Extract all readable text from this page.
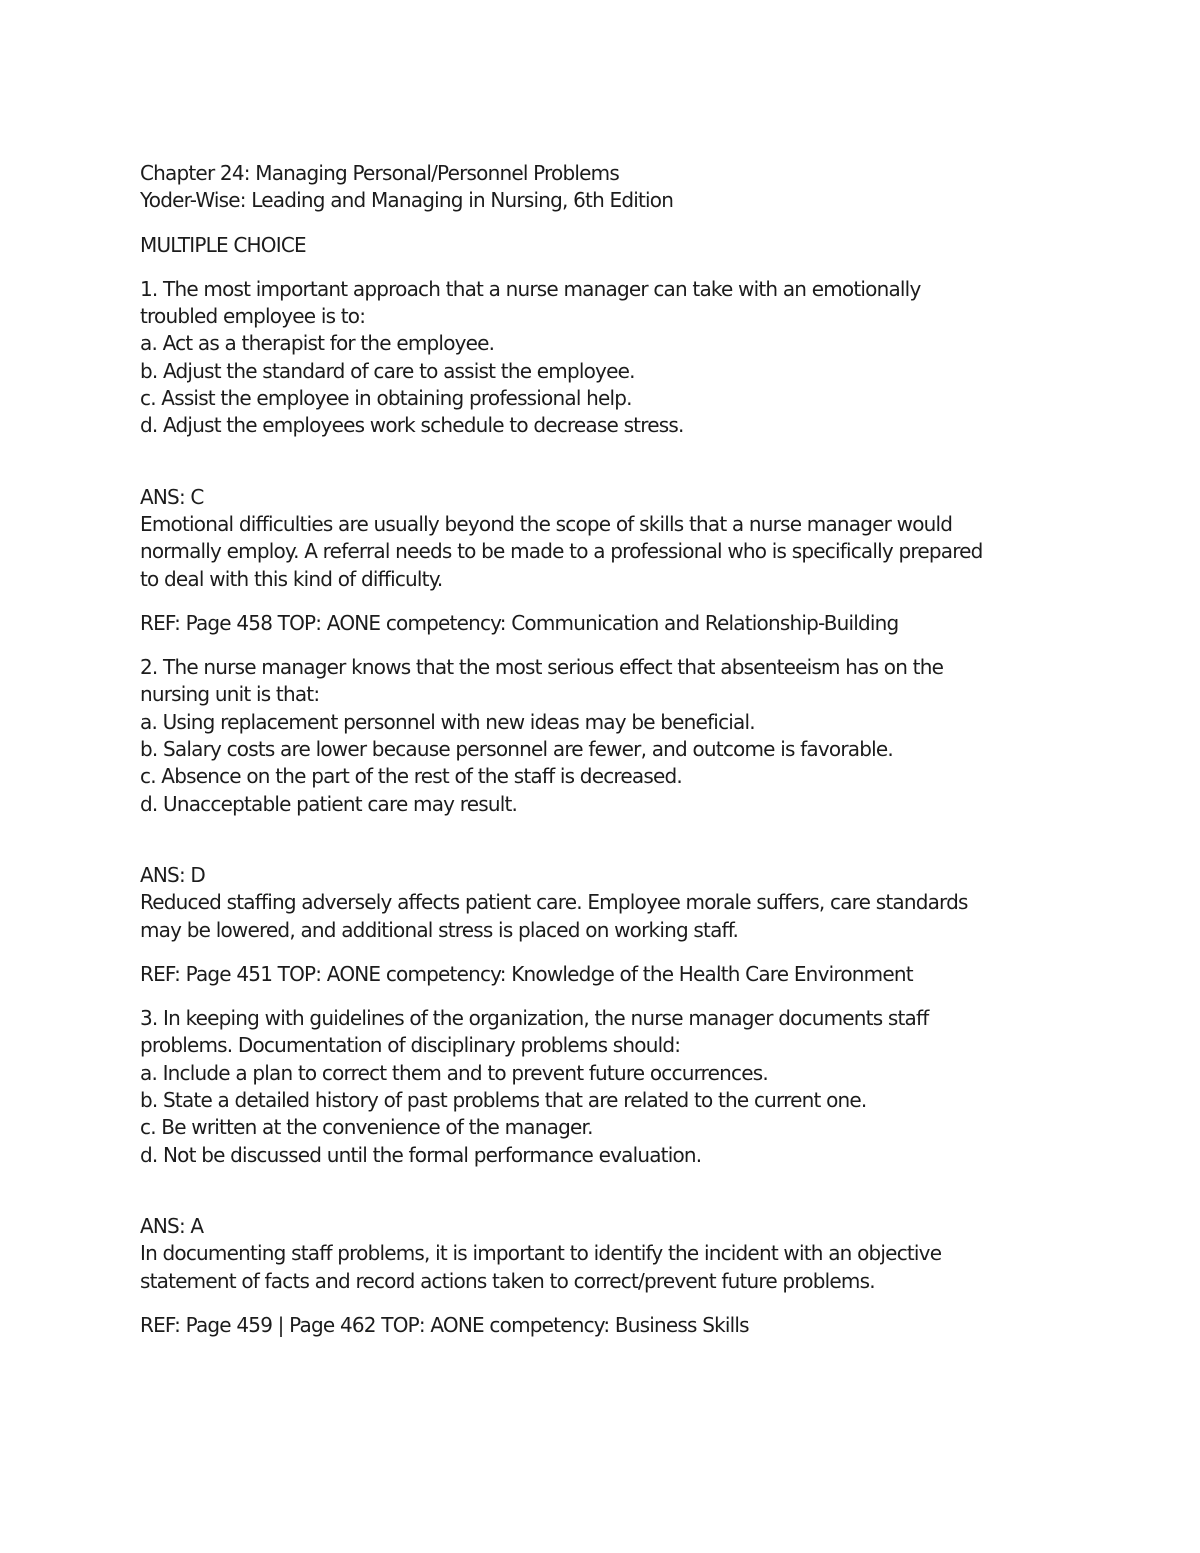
Chapter 24: Managing Personal/Personnel Problems
Yoder-Wise: Leading and Managing in Nursing, 6th Edition
MULTIPLE CHOICE
1. The most important approach that a nurse manager can take with an emotionally
troubled employee is to:
a. Act as a therapist for the employee.
b. Adjust the standard of care to assist the employee.
c. Assist the employee in obtaining professional help.
d. Adjust the employees work schedule to decrease stress.
ANS: C
Emotional difficulties are usually beyond the scope of skills that a nurse manager would
normally employ. A referral needs to be made to a professional who is specifically prepared
to deal with this kind of difficulty.
REF: Page 458 TOP: AONE competency: Communication and Relationship-Building
2. The nurse manager knows that the most serious effect that absenteeism has on the
nursing unit is that:
a. Using replacement personnel with new ideas may be beneficial.
b. Salary costs are lower because personnel are fewer, and outcome is favorable.
c. Absence on the part of the rest of the staff is decreased.
d. Unacceptable patient care may result.
ANS: D
Reduced staffing adversely affects patient care. Employee morale suffers, care standards
may be lowered, and additional stress is placed on working staff.
REF: Page 451 TOP: AONE competency: Knowledge of the Health Care Environment
3. In keeping with guidelines of the organization, the nurse manager documents staff
problems. Documentation of disciplinary problems should:
a. Include a plan to correct them and to prevent future occurrences.
b. State a detailed history of past problems that are related to the current one.
c. Be written at the convenience of the manager.
d. Not be discussed until the formal performance evaluation.
ANS: A
In documenting staff problems, it is important to identify the incident with an objective
statement of facts and record actions taken to correct/prevent future problems.
REF: Page 459 | Page 462 TOP: AONE competency: Business Skills
